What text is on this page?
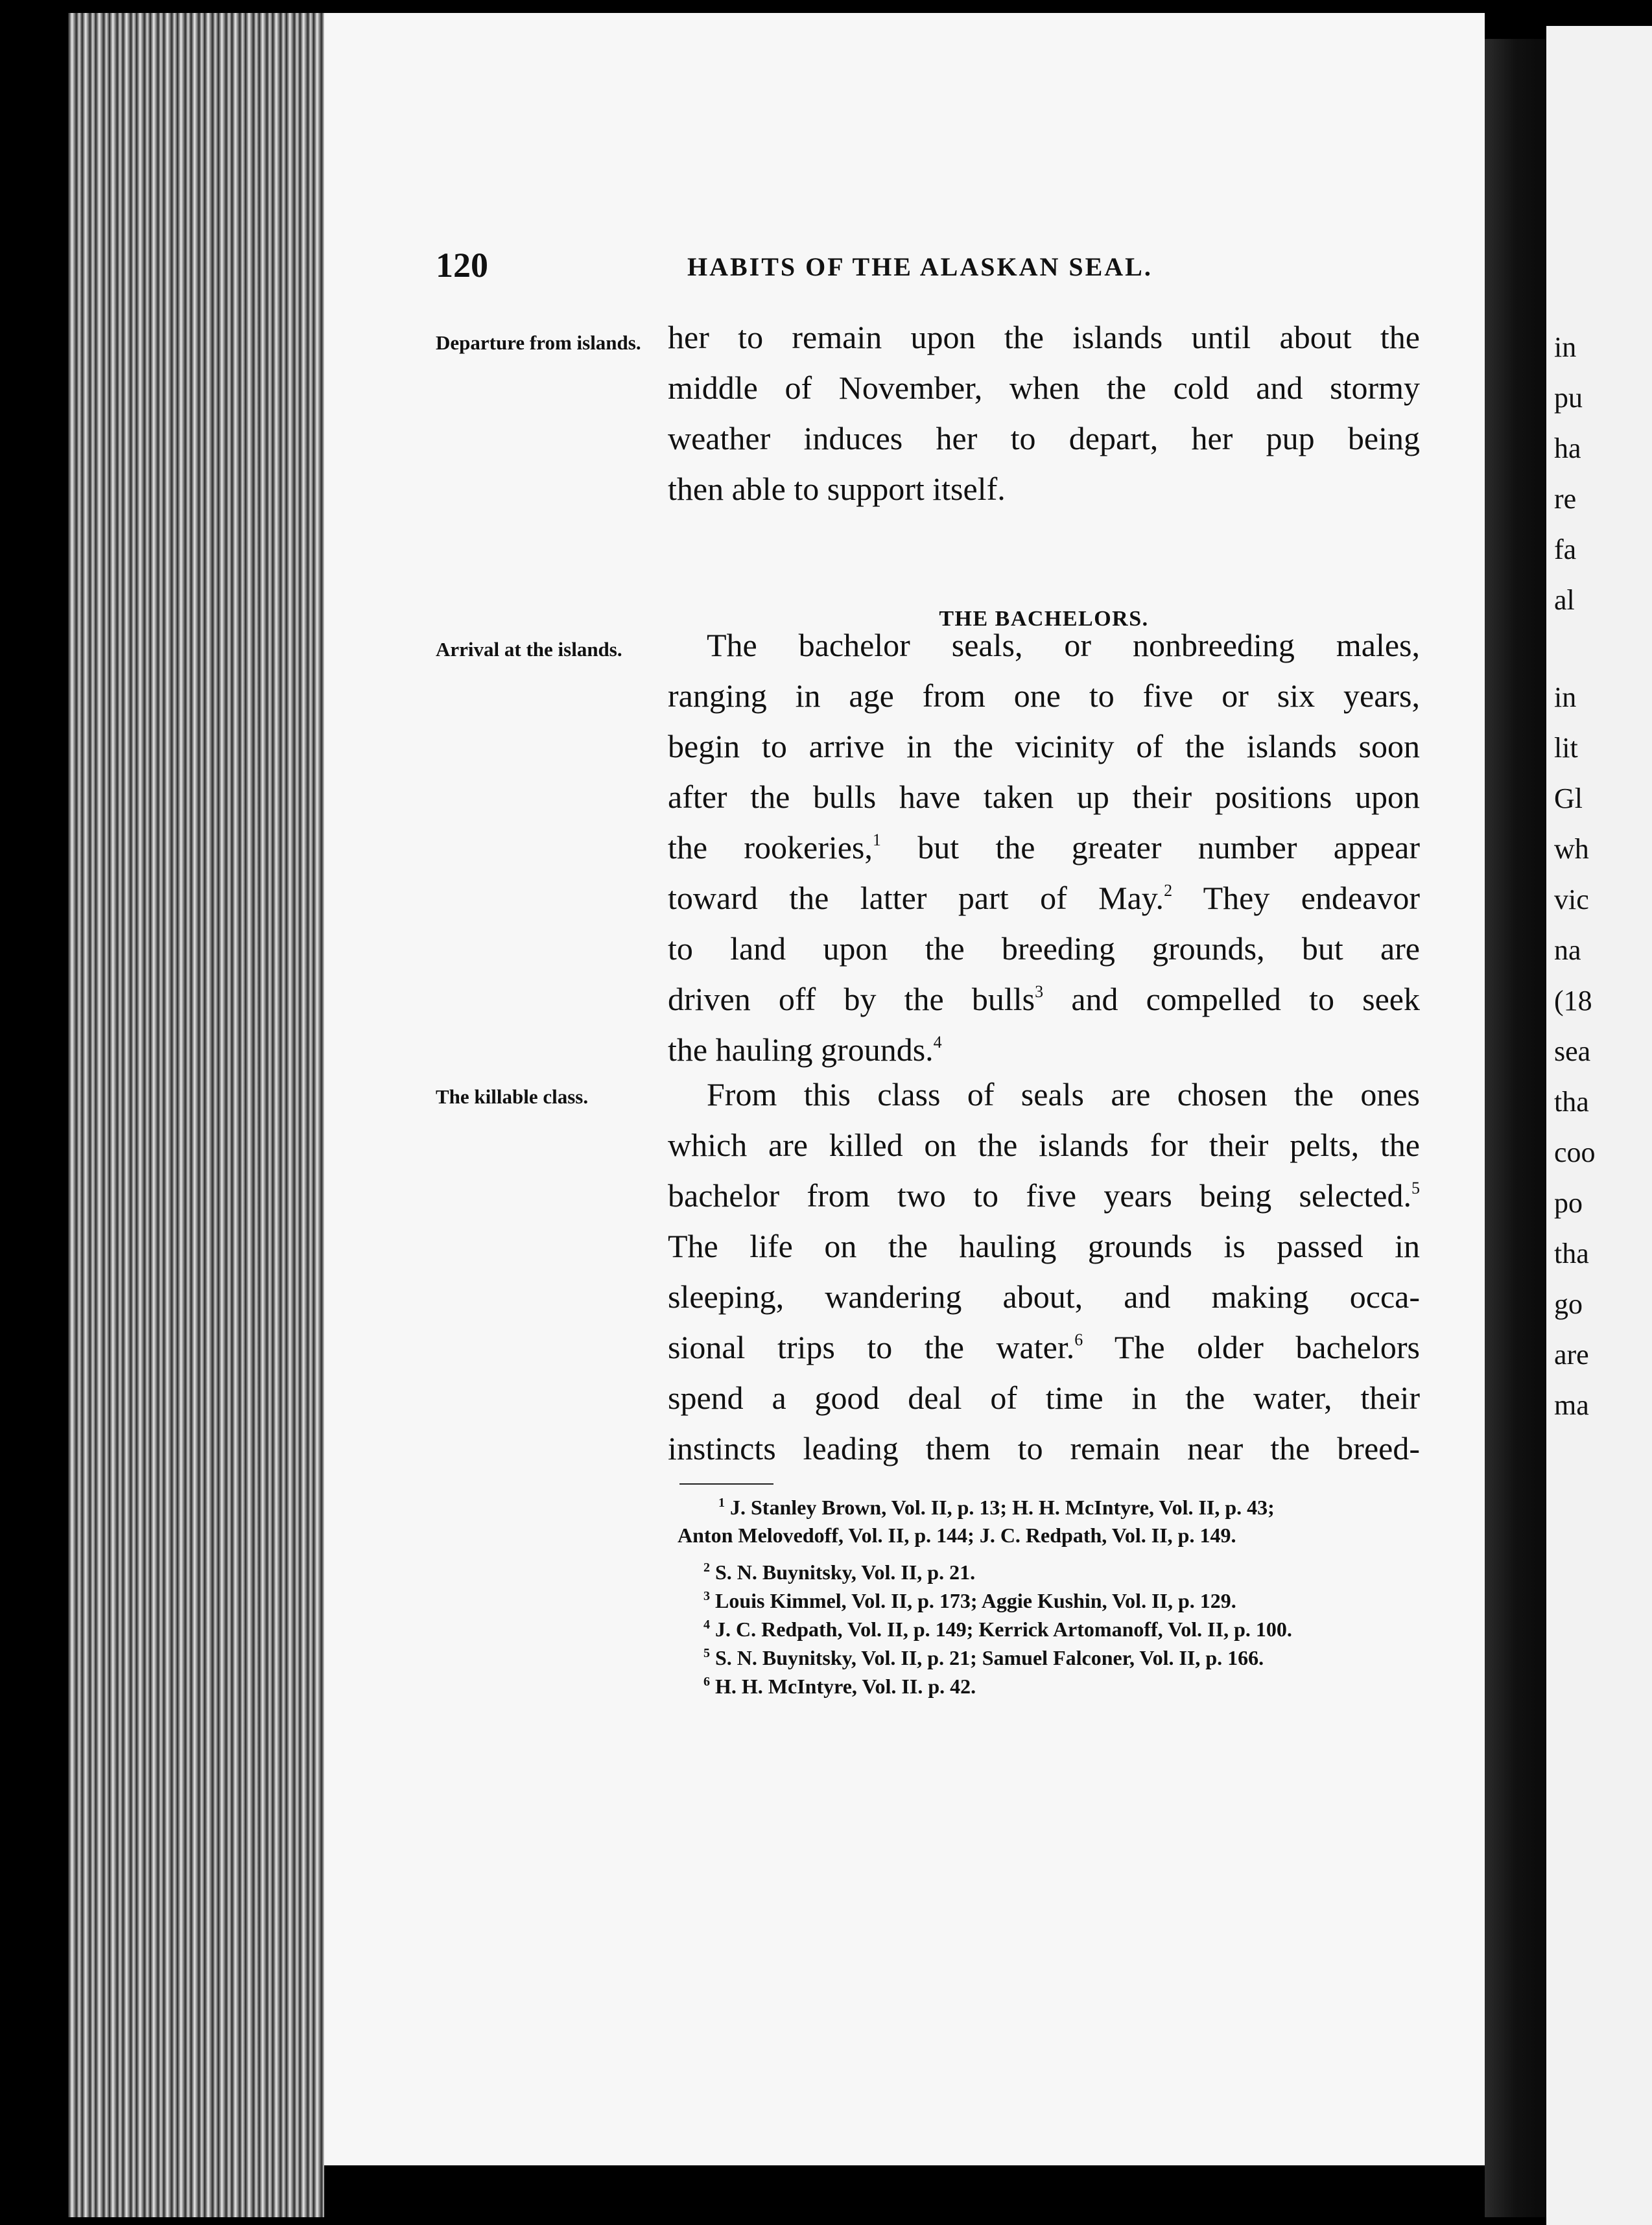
in
pu
ha
re
fa
al
in
lit
Gl
wh
vic
na
(18
sea
tha
coo
po
tha
go
are
ma
120	HABITS OF THE ALASKAN SEAL.
Departure from islands.
Arrival at the islands.
The killable class.
her to remain upon the islands until about the
middle of November, when the cold and stormy
weather induces her to depart, her pup being
then able to support itself.
THE BACHELORS.
The bachelor seals, or nonbreeding males,
ranging in age from one to five or six years,
begin to arrive in the vicinity of the islands soon
after the bulls have taken up their positions upon
the rookeries,$^1$ but the greater number appear
toward the latter part of May.$^2$ They endeavor
to land upon the breeding grounds, but are
driven off by the bulls$^3$ and compelled to seek
the hauling grounds.$^4$
From this class of seals are chosen the ones
which are killed on the islands for their pelts, the
bachelor from two to five years being selected.$^5$
The life on the hauling grounds is passed in
sleeping, wandering about, and making occa-
sional trips to the water.$^6$ The older bachelors
spend a good deal of time in the water, their
instincts leading them to remain near the breed-
$^1$ J. Stanley Brown, Vol. II, p. 13; H. H. McIntyre, Vol. II, p. 43;
Anton Melovedoff, Vol. II, p. 144; J. C. Redpath, Vol. II, p. 149.
$^2$ S. N. Buynitsky, Vol. II, p. 21.
$^3$ Louis Kimmel, Vol. II, p. 173; Aggie Kushin, Vol. II, p. 129.
$^4$ J. C. Redpath, Vol. II, p. 149; Kerrick Artomanoff, Vol. II, p. 100.
$^5$ S. N. Buynitsky, Vol. II, p. 21; Samuel Falconer, Vol. II, p. 166.
$^6$ H. H. McIntyre, Vol. II. p. 42.
